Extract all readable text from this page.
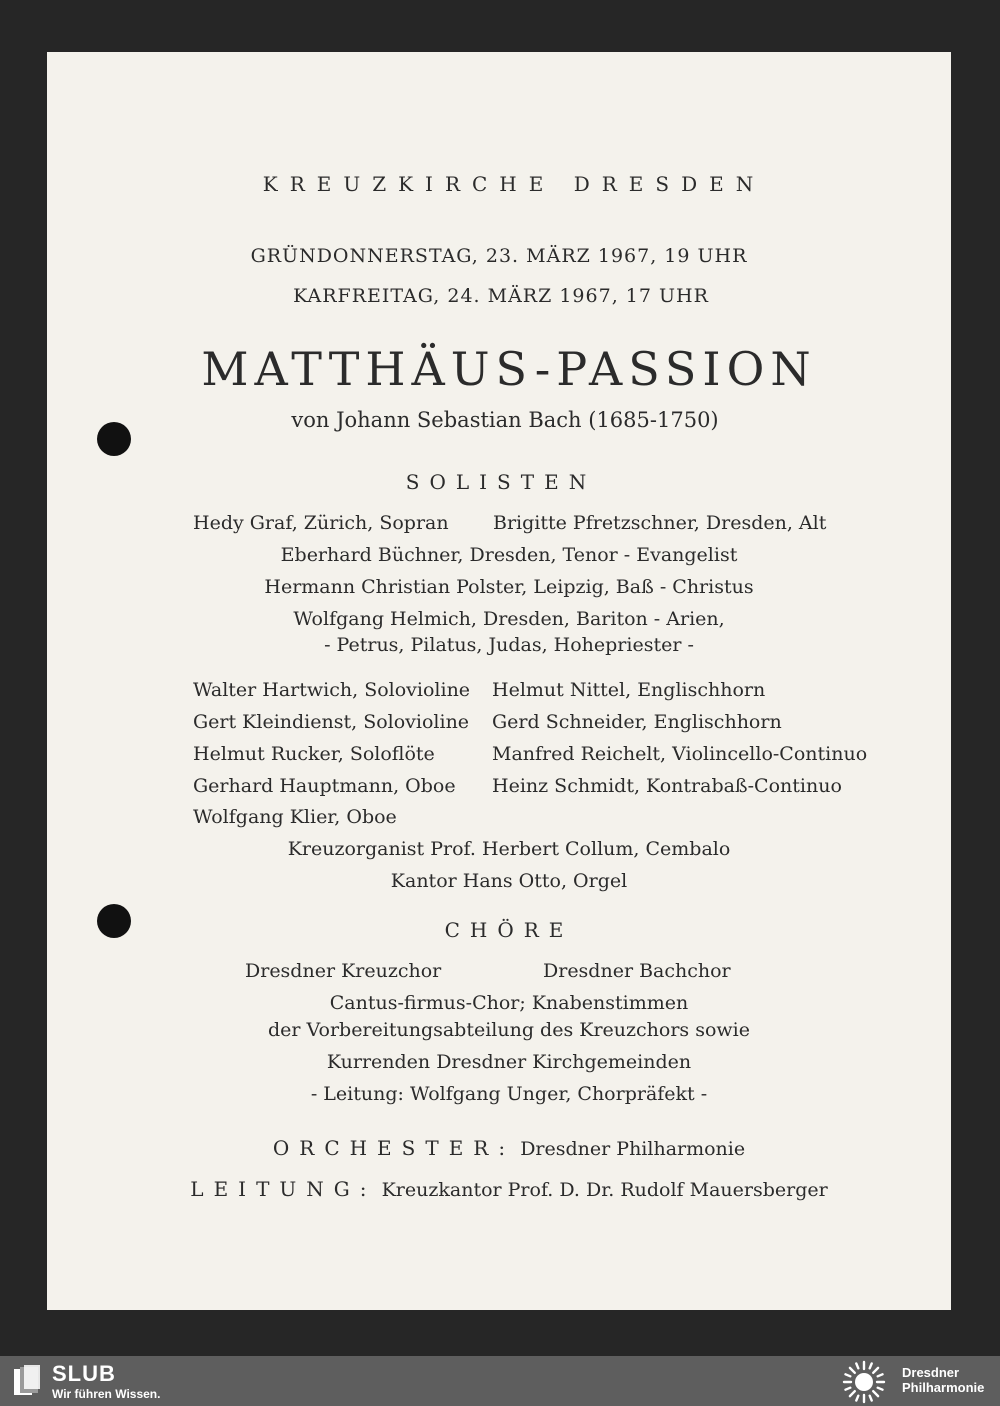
KREUZKIRCHE DRESDEN
GRÜNDONNERSTAG, 23. MÄRZ 1967, 19 UHR
KARFREITAG, 24. MÄRZ 1967, 17 UHR
MATTHÄUS-PASSION
von Johann Sebastian Bach (1685-1750)
SOLISTEN
Hedy Graf, Zürich, Sopran Brigitte Pfretzschner, Dresden, Alt
Eberhard Büchner, Dresden, Tenor - Evangelist
Hermann Christian Polster, Leipzig, Baß - Christus
Wolfgang Helmich, Dresden, Bariton - Arien,
- Petrus, Pilatus, Judas, Hohepriester -
Walter Hartwich, Solovioline
Gert Kleindienst, Solovioline
Helmut Rucker, Soloflöte
Gerhard Hauptmann, Oboe
Wolfgang Klier, Oboe
Helmut Nittel, Englischhorn
Gerd Schneider, Englischhorn
Manfred Reichelt, Violincello-Continuo
Heinz Schmidt, Kontrabaß-Continuo
Kreuzorganist Prof. Herbert Collum, Cembalo
Kantor Hans Otto, Orgel
CHÖRE
Dresdner Kreuzchor	Dresdner Bachchor
Cantus-firmus-Chor; Knabenstimmen
der Vorbereitungsabteilung des Kreuzchors sowie
Kurrenden Dresdner Kirchgemeinden
- Leitung: Wolfgang Unger, Chorpräfekt -
ORCHESTER: Dresdner Philharmonie
LEITUNG: Kreuzkantor Prof. D. Dr. Rudolf Mauersberger
SLUB
Wir führen Wissen.
Dresdner
Philharmonie
